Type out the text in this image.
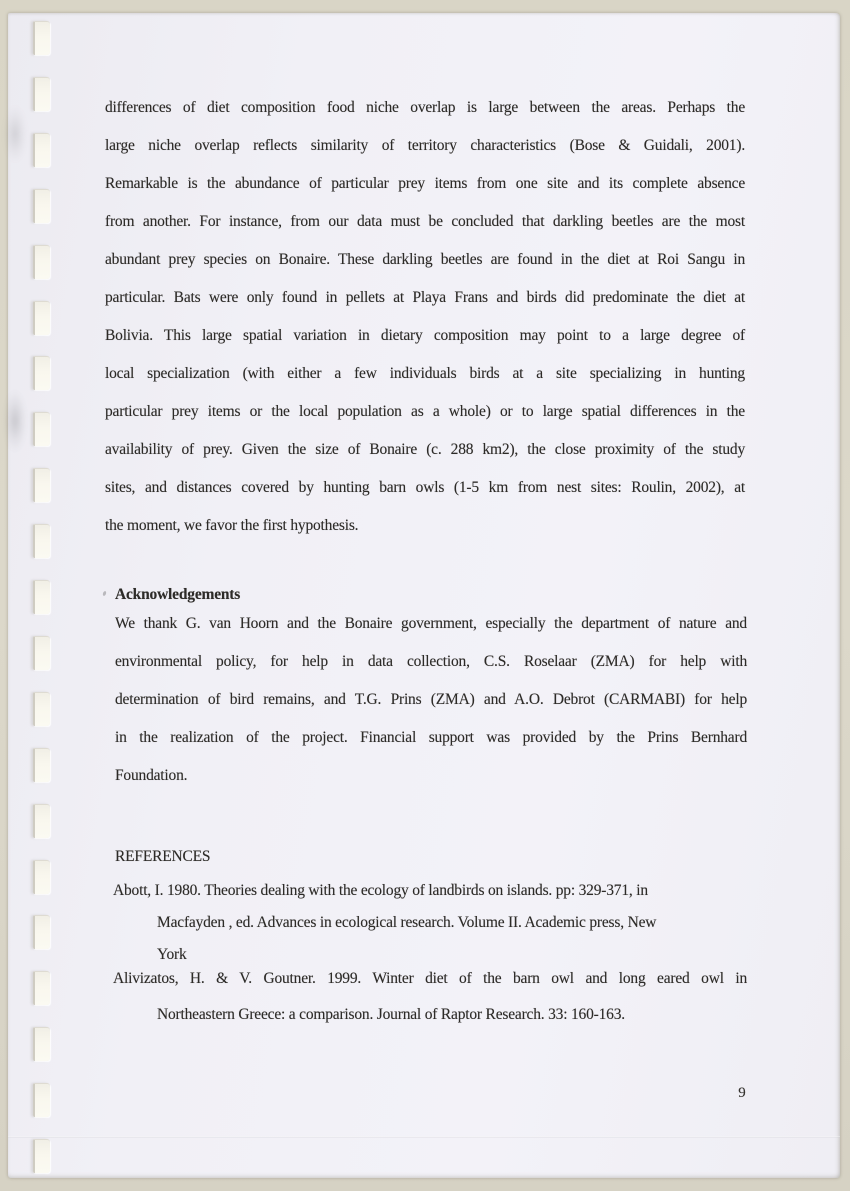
differences of diet composition food niche overlap is large between the areas. Perhaps the
large niche overlap reflects similarity of territory characteristics (Bose & Guidali, 2001).
Remarkable is the abundance of particular prey items from one site and its complete absence
from another. For instance, from our data must be concluded that darkling beetles are the most
abundant prey species on Bonaire. These darkling beetles are found in the diet at Roi Sangu in
particular. Bats were only found in pellets at Playa Frans and birds did predominate the diet at
Bolivia. This large spatial variation in dietary composition may point to a large degree of
local specialization (with either a few individuals birds at a site specializing in hunting
particular prey items or the local population as a whole) or to large spatial differences in the
availability of prey. Given the size of Bonaire (c. 288 km2), the close proximity of the study
sites, and distances covered by hunting barn owls (1-5 km from nest sites: Roulin, 2002), at
the moment, we favor the first hypothesis.
Acknowledgements
We thank G. van Hoorn and the Bonaire government, especially the department of nature and
environmental policy, for help in data collection, C.S. Roselaar (ZMA) for help with
determination of bird remains, and T.G. Prins (ZMA) and A.O. Debrot (CARMABI) for help
in the realization of the project. Financial support was provided by the Prins Bernhard
Foundation.
REFERENCES
Abott, I. 1980. Theories dealing with the ecology of landbirds on islands. pp: 329-371, in
Macfayden , ed. Advances in ecological research. Volume II. Academic press, New
York
Alivizatos, H. & V. Goutner. 1999. Winter diet of the barn owl and long eared owl in
Northeastern Greece: a comparison. Journal of Raptor Research. 33: 160-163.
9
